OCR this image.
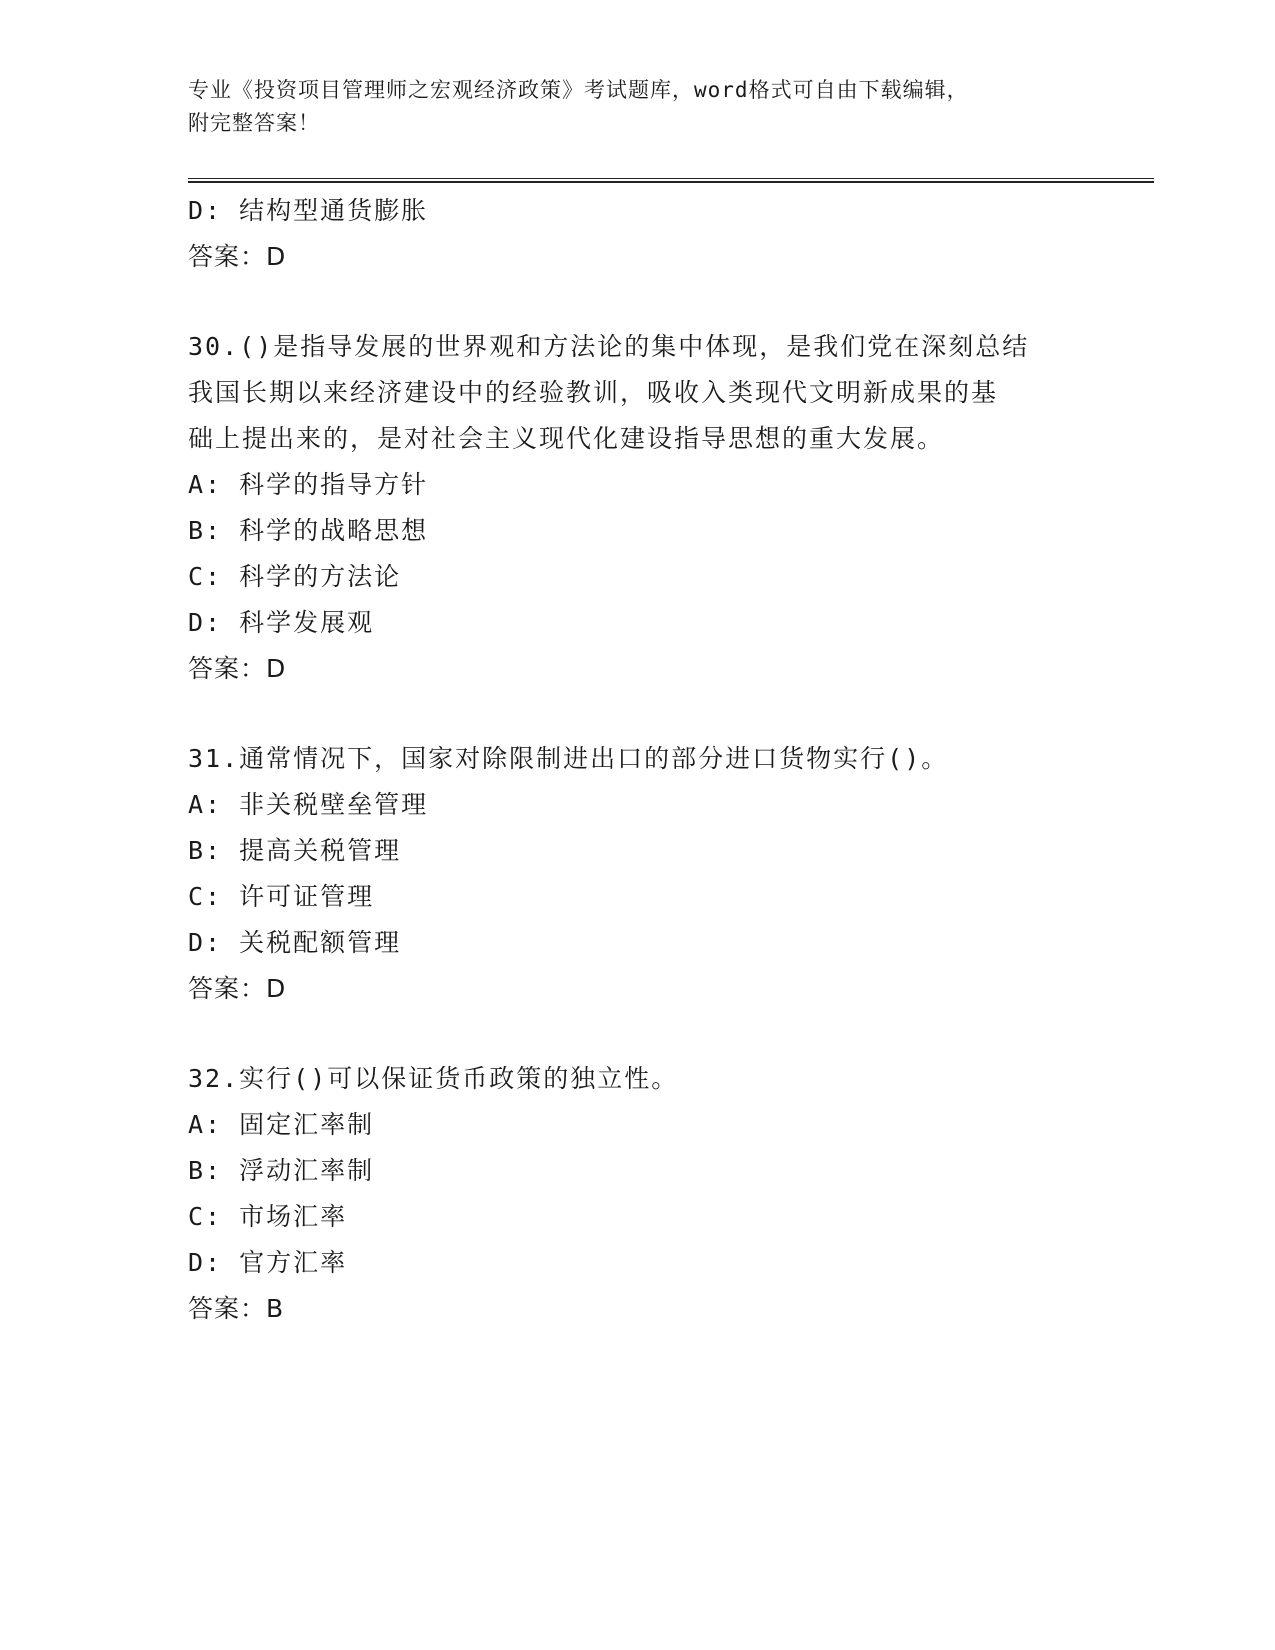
专业《投资项目管理师之宏观经济政策》考试题库，word格式可自由下载编辑，
附完整答案！
D: 结构型通货膨胀
答案：D
30.()是指导发展的世界观和方法论的集中体现，是我们党在深刻总结
我国长期以来经济建设中的经验教训，吸收入类现代文明新成果的基
础上提出来的，是对社会主义现代化建设指导思想的重大发展。
A: 科学的指导方针
B: 科学的战略思想
C: 科学的方法论
D: 科学发展观
答案：D
31.通常情况下，国家对除限制进出口的部分进口货物实行()。
A: 非关税壁垒管理
B: 提高关税管理
C: 许可证管理
D: 关税配额管理
答案：D
32.实行()可以保证货币政策的独立性。
A: 固定汇率制
B: 浮动汇率制
C: 市场汇率
D: 官方汇率
答案：B
